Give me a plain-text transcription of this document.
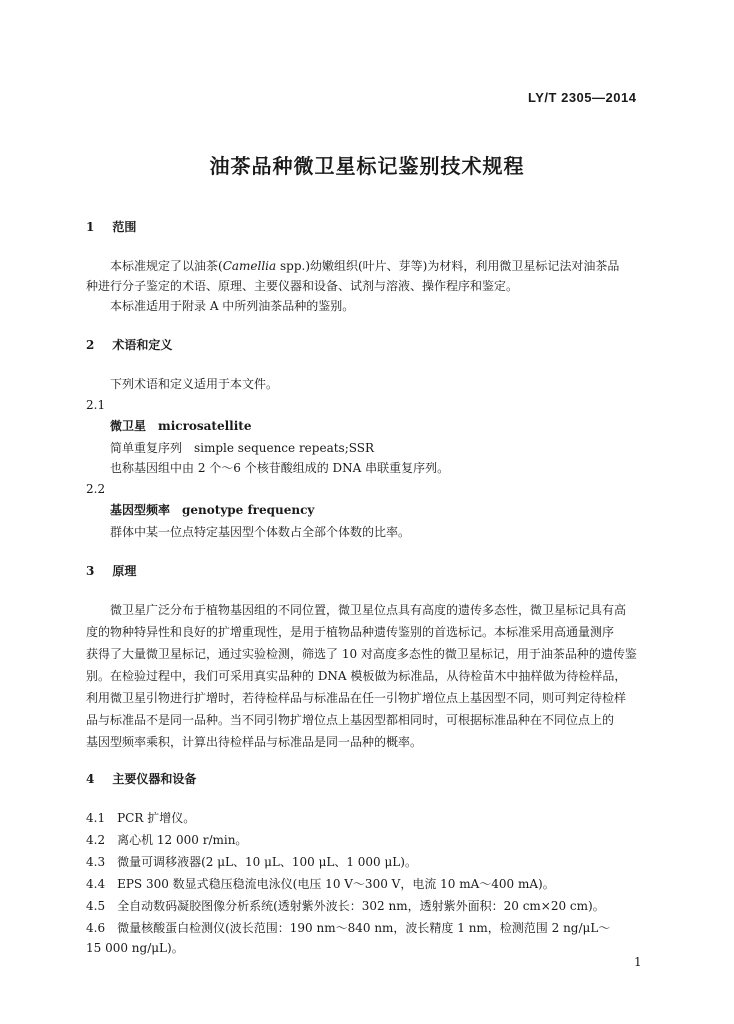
LY/T 2305—2014
油茶品种微卫星标记鉴别技术规程
1 范围
本标准规定了以油茶(Camellia spp.)幼嫩组织(叶片、芽等)为材料，利用微卫星标记法对油茶品
种进行分子鉴定的术语、原理、主要仪器和设备、试剂与溶液、操作程序和鉴定。
本标准适用于附录 A 中所列油茶品种的鉴别。
2 术语和定义
下列术语和定义适用于本文件。
2.1
微卫星 microsatellite
简单重复序列　simple sequence repeats;SSR
也称基因组中由 2 个～6 个核苷酸组成的 DNA 串联重复序列。
2.2
基因型频率 genotype frequency
群体中某一位点特定基因型个体数占全部个体数的比率。
3 原理
微卫星广泛分布于植物基因组的不同位置，微卫星位点具有高度的遗传多态性，微卫星标记具有高
度的物种特异性和良好的扩增重现性，是用于植物品种遗传鉴别的首选标记。本标准采用高通量测序
获得了大量微卫星标记，通过实验检测，筛选了 10 对高度多态性的微卫星标记，用于油茶品种的遗传鉴
别。在检验过程中，我们可采用真实品种的 DNA 模板做为标准品，从待检苗木中抽样做为待检样品，
利用微卫星引物进行扩增时，若待检样品与标准品在任一引物扩增位点上基因型不同，则可判定待检样
品与标准品不是同一品种。当不同引物扩增位点上基因型都相同时，可根据标准品种在不同位点上的
基因型频率乘积，计算出待检样品与标准品是同一品种的概率。
4 主要仪器和设备
4.1 PCR 扩增仪。
4.2 离心机 12 000 r/min。
4.3 微量可调移液器(2 μL、10 μL、100 μL、1 000 μL)。
4.4 EPS 300 数显式稳压稳流电泳仪(电压 10 V～300 V，电流 10 mA～400 mA)。
4.5 全自动数码凝胶图像分析系统(透射紫外波长：302 nm，透射紫外面积：20 cm×20 cm)。
4.6 微量核酸蛋白检测仪(波长范围：190 nm～840 nm，波长精度 1 nm，检测范围 2 ng/μL～
15 000 ng/μL)。
1
